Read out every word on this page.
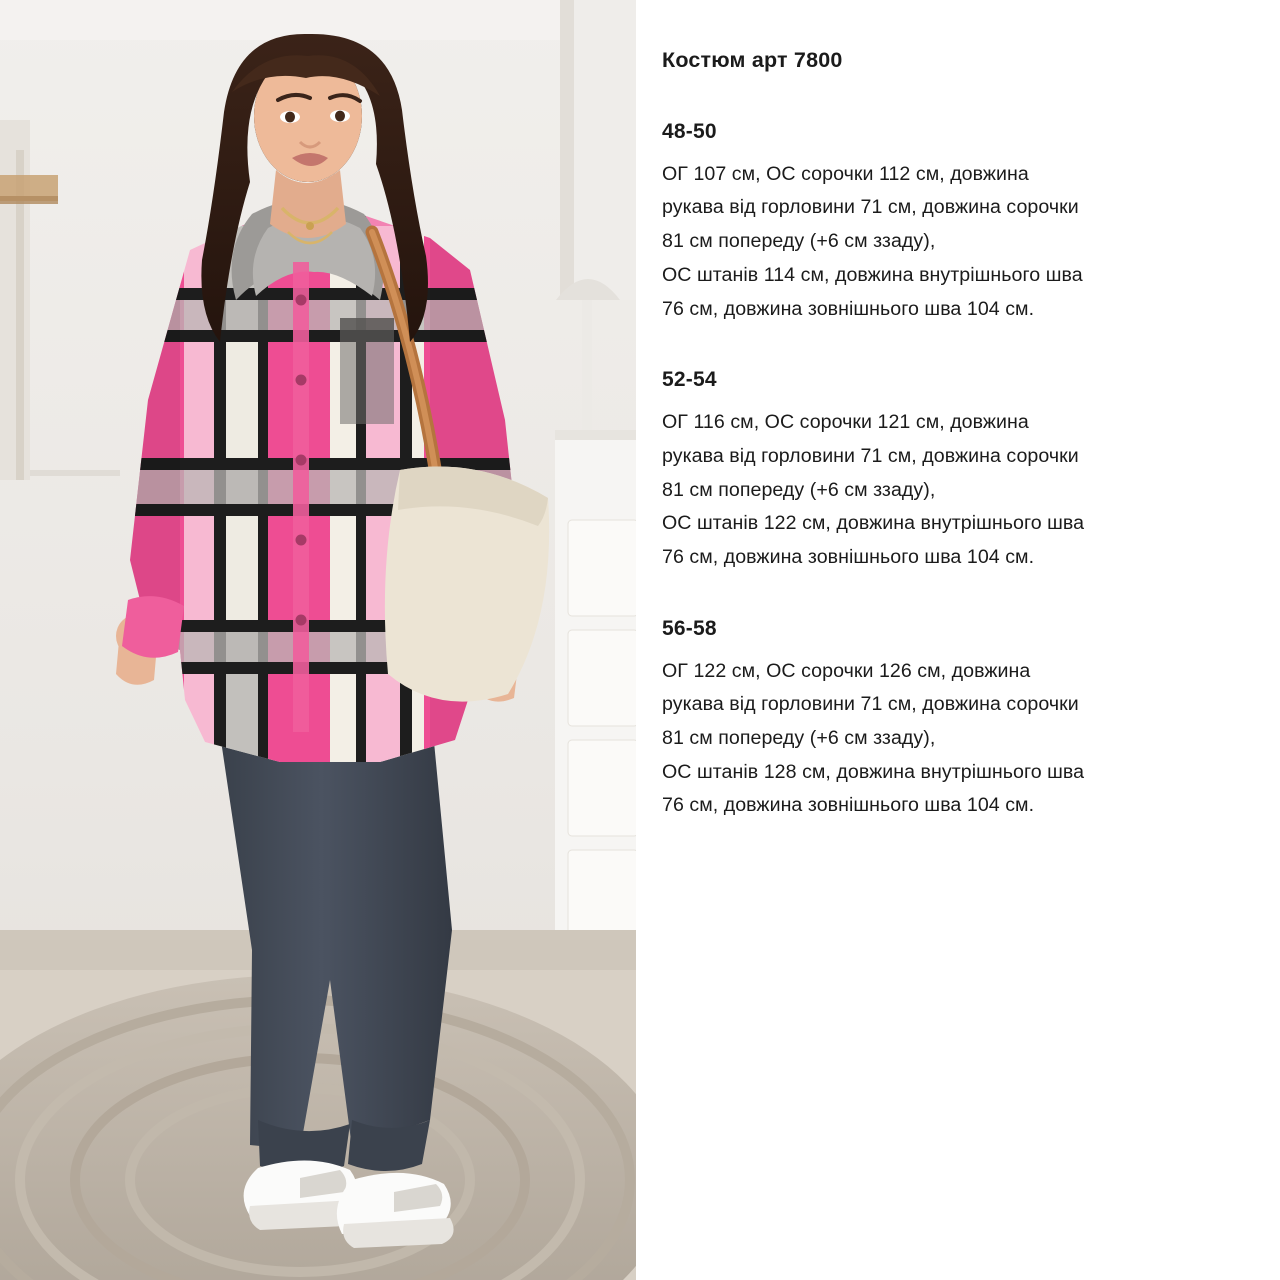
Костюм арт 7800
48-50
ОГ 107 см, ОС сорочки 112 см, довжина
рукава від горловини 71 см, довжина сорочки
81 см попереду (+6 см ззаду),
ОС штанів 114 см, довжина внутрішнього шва
76 см, довжина зовнішнього шва 104 см.
52-54
ОГ 116 см, ОС сорочки 121 см, довжина
рукава від горловини 71 см, довжина сорочки
81 см попереду (+6 см ззаду),
ОС штанів 122 см, довжина внутрішнього шва
76 см, довжина зовнішнього шва 104 см.
56-58
ОГ 122 см, ОС сорочки 126 см, довжина
рукава від горловини 71 см, довжина сорочки
81 см попереду (+6 см ззаду),
ОС штанів 128 см, довжина внутрішнього шва
76 см, довжина зовнішнього шва 104 см.
